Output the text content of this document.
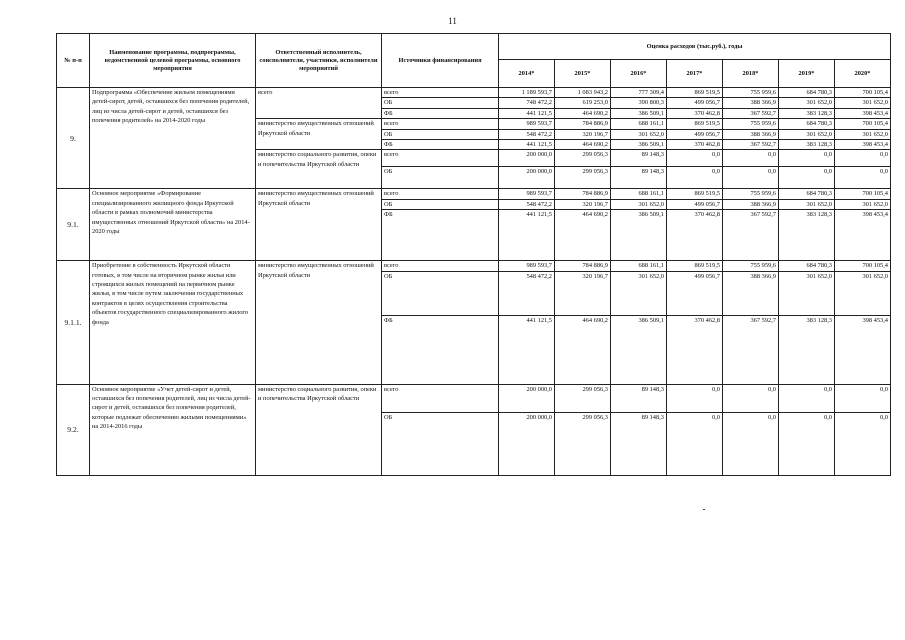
11
№ п-п	Наименование программы, подпрограммы, ведомственной целевой программы, основного мероприятия	Ответственный исполнитель, соисполнители, участники, исполнители мероприятий	Источники финансирования	Оценка расходов (тыс.руб.), годы						
				2014*	2015*	2016*	2017*	2018*	2019*	2020*
9.	Подпрограмма «Обеспечение жильем помещениями детей-сирот, детей, оставшихся без попечения родителей, лиц из числа детей-сирот и детей, оставшихся без попечения родителей» на 2014-2020 годы	всего	всего	1 189 593,7	1 083 943,2	777 309,4	869 519,5	755 959,6	684 780,3	700 105,4
			ОБ	748 472,2	619 253,0	390 800,3	499 056,7	388 366,9	301 652,0	301 652,0
			ФБ	441 121,5	464 690,2	386 509,1	370 462,8	367 592,7	383 128,3	398 453,4
		министерство имущественных отношений Иркутской области	всего	989 593,7	784 886,9	688 161,1	869 519,5	755 959,6	684 780,3	700 105,4
			ОБ	548 472,2	320 196,7	301 652,0	499 056,7	388 366,9	301 652,0	301 652,0
			ФБ	441 121,5	464 690,2	386 509,1	370 462,8	367 592,7	383 128,3	398 453,4
		министерство социального развития, опеки и попечительства Иркутской области	всего	200 000,0	299 056,3	89 148,3	0,0	0,0	0,0	0,0
			ОБ	200 000,0	299 056,3	89 148,3	0,0	0,0	0,0	0,0
9.1.	Основное мероприятие «Формирование специализированного жилищного фонда Иркутской области в рамках полномочий министерства имущественных отношений Иркутской области» на 2014-2020 годы	министерство имущественных отношений Иркутской области	всего	989 593,7	784 886,9	688 161,1	869 519,5	755 959,6	684 780,3	700 105,4
			ОБ	548 472,2	320 196,7	301 652,0	499 056,7	388 366,9	301 652,0	301 652,0
			ФБ	441 121,5	464 690,2	386 509,1	370 462,8	367 592,7	383 128,3	398 453,4
9.1.1.	Приобретение в собственность Иркутской области готовых, в том числе на вторичном рынке жилья или строящихся жилых помещений на первичном рынке жилья, в том числе путем заключения государственных контрактов в целях осуществления строительства объектов государственного специализированного жилого фонда	министерство имущественных отношений Иркутской области	всего	989 593,7	784 886,9	688 161,1	869 519,5	755 959,6	684 780,3	700 105,4
			ОБ	548 472,2	320 196,7	301 652,0	499 056,7	388 366,9	301 652,0	301 652,0
			ФБ	441 121,5	464 690,2	386 509,1	370 462,8	367 592,7	383 128,3	398 453,4
9.2.	Основное мероприятие «Учет детей-сирот и детей, оставшихся без попечения родителей, лиц из числа детей-сирот и детей, оставшихся без попечения родителей, которые подлежат обеспечению жилыми помещениями» на 2014-2016 годы	министерство социального развития, опеки и попечительства Иркутской области	всего	200 000,0	299 056,3	89 148,3	0,0	0,0	0,0	0,0
			ОБ	200 000,0	299 056,3	89 148,3	0,0	0,0	0,0	0,0
